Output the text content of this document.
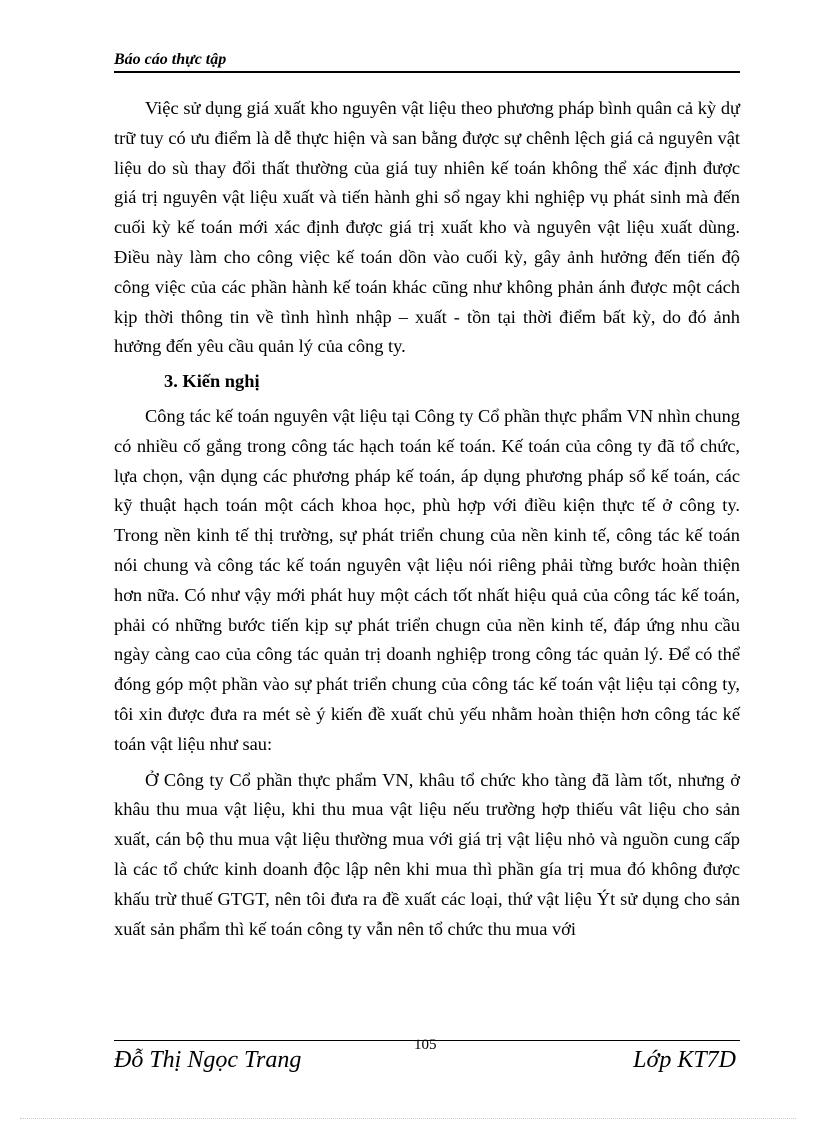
Báo cáo thực tập

Việc sử dụng giá xuất kho nguyên vật liệu theo phương pháp bình quân cả kỳ dự trữ tuy có ưu điểm là dễ thực hiện và san bằng được sự chênh lệch giá cả nguyên vật liệu do sù thay đổi thất thường của giá tuy nhiên kế toán không thể xác định được giá trị nguyên vật liệu xuất và tiến hành ghi sổ ngay khi nghiệp vụ phát sinh mà đến cuối kỳ kế toán mới xác định được giá trị xuất kho và nguyên vật liệu xuất dùng. Điều này làm cho công việc kế toán dồn vào cuối kỳ, gây ảnh hưởng đến tiến độ công việc của các phần hành kế toán khác cũng như không phản ánh được một cách kịp thời thông tin về tình hình nhập – xuất - tồn tại thời điểm bất kỳ, do đó ảnh hưởng đến yêu cầu quản lý của công ty.

3. Kiến nghị

Công tác kế toán nguyên vật liệu tại Công ty Cổ phần thực phẩm VN nhìn chung có nhiều cố gắng trong công tác hạch toán kế toán. Kế toán của công ty đã tổ chức, lựa chọn, vận dụng các phương pháp kế toán, áp dụng phương pháp sổ kế toán, các kỹ thuật hạch toán một cách khoa học, phù hợp với điều kiện thực tế ở công ty. Trong nền kinh tế thị trường, sự phát triển chung của nền kinh tế, công tác kế toán nói chung và công tác kế toán nguyên vật liệu nói riêng phải từng bước hoàn thiện hơn nữa. Có như vậy mới phát huy một cách tốt nhất hiệu quả của công tác kế toán, phải có những bước tiến kịp sự phát triển chugn của nền kinh tế, đáp ứng nhu cầu ngày càng cao của công tác quản trị doanh nghiệp trong công tác quản lý. Để có thể đóng góp một phần vào sự phát triển chung của công tác kế toán vật liệu tại công ty, tôi xin được đưa ra mét sè ý kiến đề xuất chủ yếu nhằm hoàn thiện hơn công tác kế toán vật liệu như sau:

Ở Công ty Cổ phần thực phẩm VN, khâu tổ chức kho tàng đã làm tốt, nhưng ở khâu thu mua vật liệu, khi thu mua vật liệu nếu trường hợp thiếu vât liệu cho sản xuất, cán bộ thu mua vật liệu thường mua với giá trị vật liệu nhỏ và nguồn cung cấp là các tổ chức kinh doanh độc lập nên khi mua thì phần gía trị mua đó không được khấu trừ thuế GTGT, nên tôi đưa ra đề xuất các loại, thứ vật liệu Ýt sử dụng cho sản xuất sản phẩm thì kế toán công ty vẫn nên tổ chức thu mua với

Đỗ Thị Ngọc Trang
105
Lớp KT7D
